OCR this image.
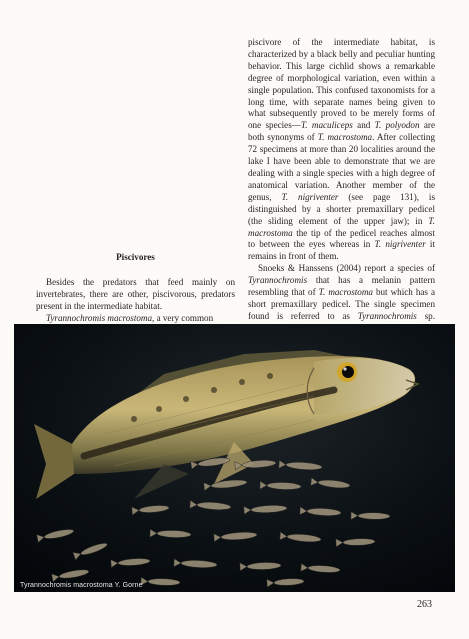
Piscivores

Besides the predators that feed mainly on invertebrates, there are other, piscivorous, predators present in the intermediate habitat.

Tyrannochromis macrostoma, a very common

piscivore of the intermediate habitat, is characterized by a black belly and peculiar hunting behavior. This large cichlid shows a remarkable degree of morphological variation, even within a single population. This confused taxonomists for a long time, with separate names being given to what subsequently proved to be merely forms of one species—T. maculiceps and T. polyodon are both synonyms of T. macrostoma. After collecting 72 specimens at more than 20 localities around the lake I have been able to demonstrate that we are dealing with a single species with a high degree of anatomical variation. Another member of the genus, T. nigriventer (see page 131), is distinguished by a shorter premaxillary pedicel (the sliding element of the upper jaw); in T. macrostoma the tip of the pedicel reaches almost to between the eyes whereas in T. nigriventer it remains in front of them.

Snoeks & Hanssens (2004) report a species of Tyrannochromis that has a melanin pattern resembling that of T. macrostoma but which has a short premaxillary pedicel. The single specimen found is referred to as Tyrannochromis sp.

Tyrannochromis macrostoma Y. Gorne
263
